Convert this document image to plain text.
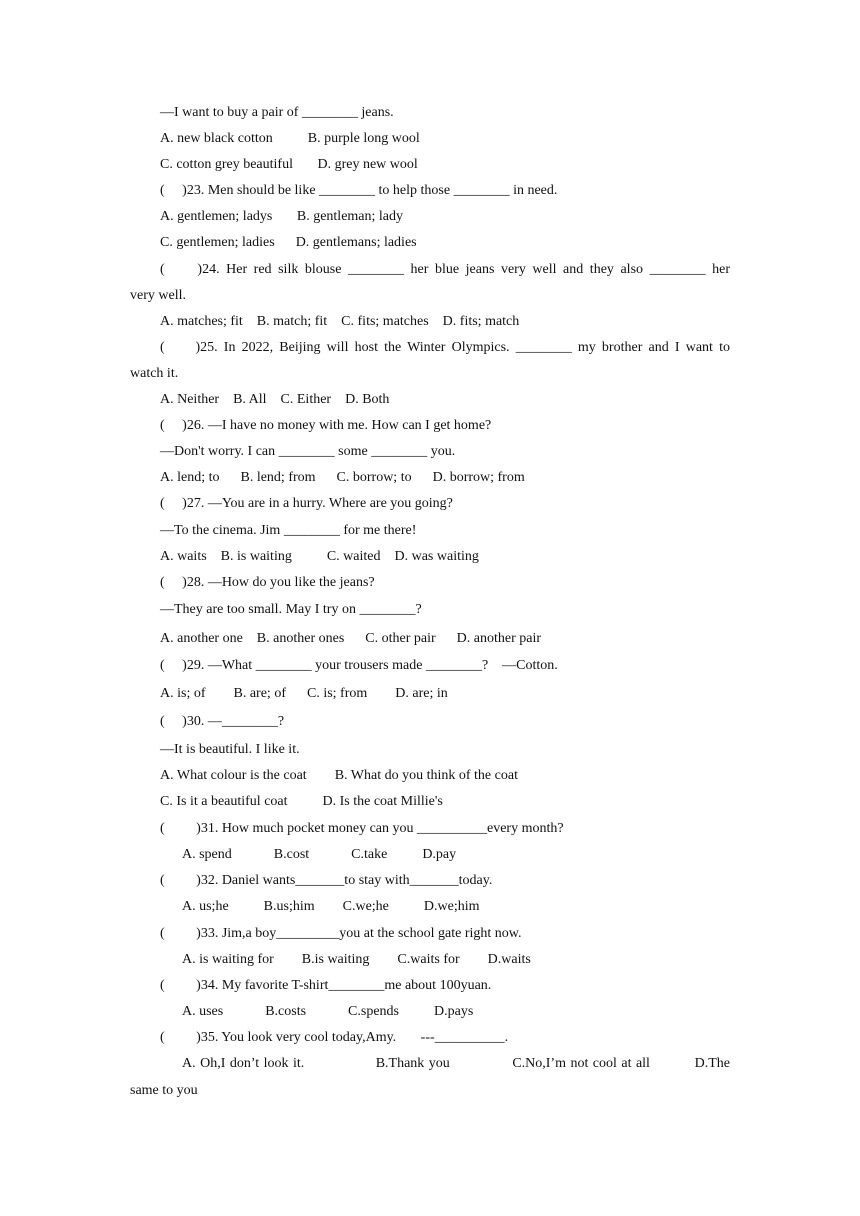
—I want to buy a pair of ________ jeans.
A. new black cotton          B. purple long wool
C. cotton grey beautiful       D. grey new wool
(     )23. Men should be like ________ to help those ________ in need.
A. gentlemen; ladys       B. gentleman; lady
C. gentlemen; ladies      D. gentlemans; ladies
(     )24. Her red silk blouse ________ her blue jeans very well and they also ________ her
very well.
A. matches; fit    B. match; fit    C. fits; matches    D. fits; match
(     )25. In 2022, Beijing will host the Winter Olympics. ________ my brother and I want to
watch it.
A. Neither    B. All    C. Either    D. Both
(     )26. —I have no money with me. How can I get home?
—Don't worry. I can ________ some ________ you.
A. lend; to      B. lend; from      C. borrow; to      D. borrow; from
(     )27. —You are in a hurry. Where are you going?
—To the cinema. Jim ________ for me there!
A. waits    B. is waiting          C. waited    D. was waiting
(     )28. —How do you like the jeans?
—They are too small. May I try on ________?
A. another one    B. another ones      C. other pair      D. another pair
(     )29. —What ________ your trousers made ________?    —Cotton.
A. is; of        B. are; of      C. is; from        D. are; in
(     )30. —________?
—It is beautiful. I like it.
A. What colour is the coat        B. What do you think of the coat
C. Is it a beautiful coat          D. Is the coat Millie's
(         )31. How much pocket money can you __________every month?
A. spend            B.cost            C.take          D.pay
(         )32. Daniel wants_______to stay with_______today.
A. us;he          B.us;him        C.we;he          D.we;him
(         )33. Jim,a boy_________you at the school gate right now.
A. is waiting for        B.is waiting        C.waits for        D.waits
(         )34. My favorite T-shirt________me about 100yuan.
A. uses            B.costs            C.spends          D.pays
(         )35. You look very cool today,Amy.       ---__________.
A. Oh,I don’t look it.                B.Thank you              C.No,I’m not cool at all          D.The
same to you
